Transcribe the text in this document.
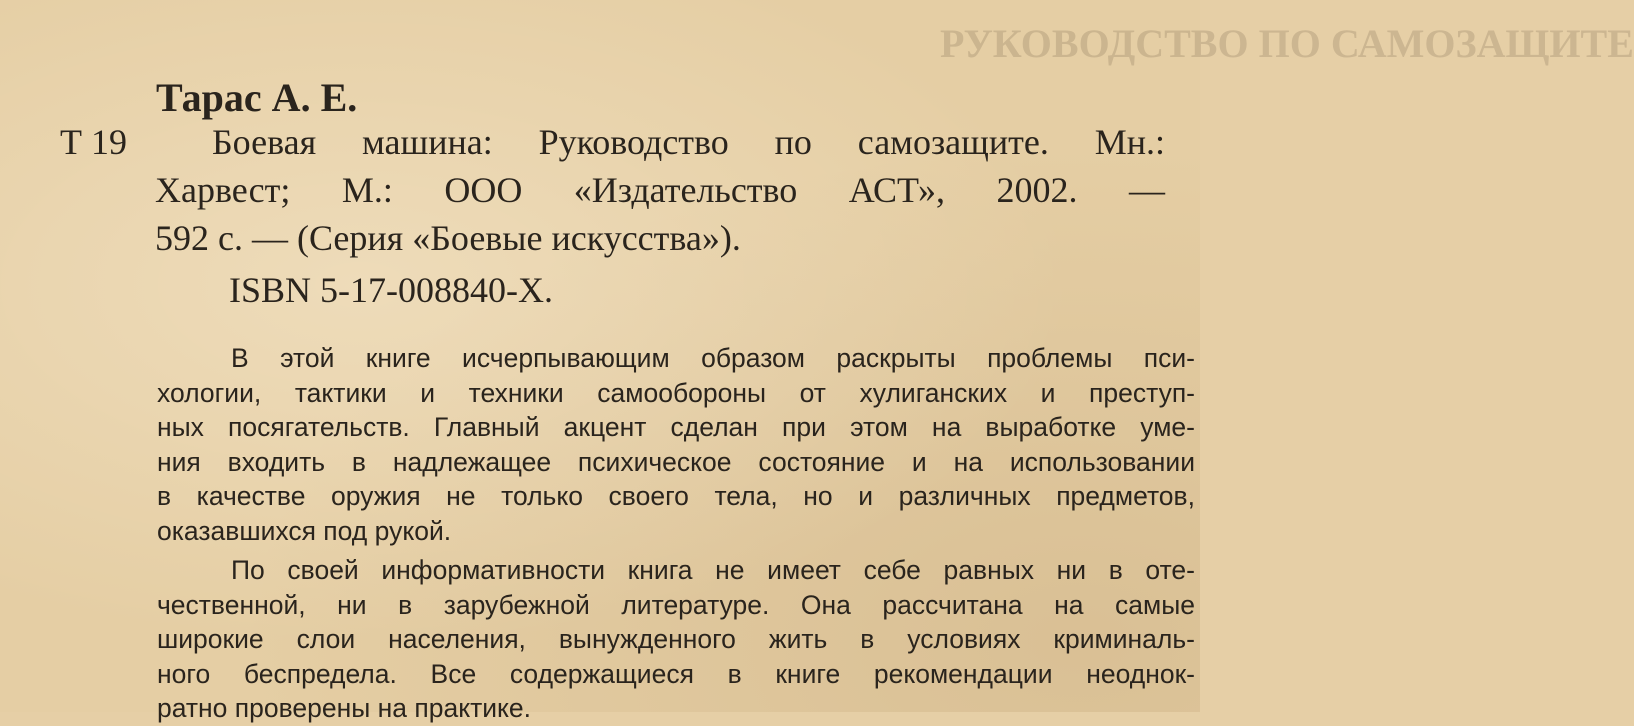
РУКОВОДСТВО ПО САМОЗАЩИТЕ
Тарас А. Е.
Т 19	Боевая машина: Руководство по самозащите. Мн.:
Харвест; М.: ООО «Издательство АСТ», 2002. —
592 с. — (Серия «Боевые искусства»).
ISBN 5-17-008840-X.
В этой книге исчерпывающим образом раскрыты проблемы пси-
хологии, тактики и техники самообороны от хулиганских и преступ-
ных посягательств. Главный акцент сделан при этом на выработке уме-
ния входить в надлежащее психическое состояние и на использовании
в качестве оружия не только своего тела, но и различных предметов,
оказавшихся под рукой.
По своей информативности книга не имеет себе равных ни в оте-
чественной, ни в зарубежной литературе. Она рассчитана на самые
широкие слои населения, вынужденного жить в условиях криминаль-
ного беспредела. Все содержащиеся в книге рекомендации неоднок-
ратно проверены на практике.
